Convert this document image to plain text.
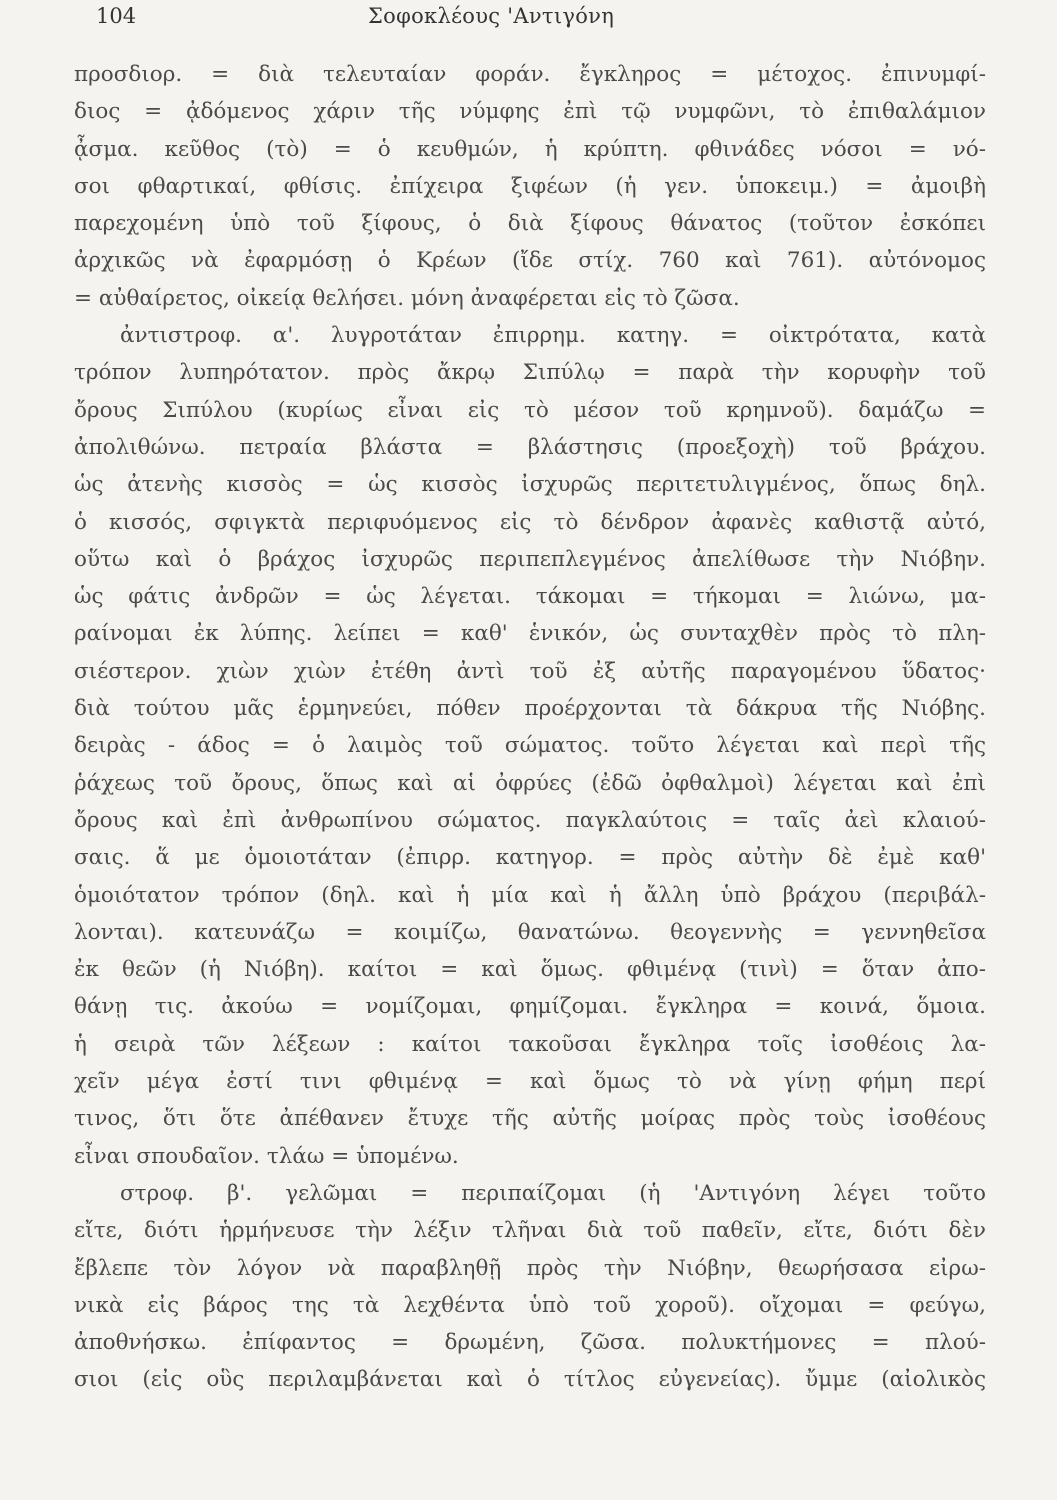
104	Σοφοκλέους 'Αντιγόνη
προσδιορ. = διὰ τελευταίαν φοράν. ἔγκληρος = μέτοχος. ἐπινυμφί-
διος = ᾀδόμενος χάριν τῆς νύμφης ἐπὶ τῷ νυμφῶνι, τὸ ἐπιθαλάμιον
ᾆσμα. κεῦθος (τὸ) = ὁ κευθμών, ἡ κρύπτη. φθινάδες νόσοι = νό-
σοι φθαρτικαί, φθίσις. ἐπίχειρα ξιφέων (ἡ γεν. ὑποκειμ.) = ἀμοιβὴ
παρεχομένη ὑπὸ τοῦ ξίφους, ὁ διὰ ξίφους θάνατος (τοῦτον ἐσκόπει
ἀρχικῶς νὰ ἐφαρμόσῃ ὁ Κρέων (ἴδε στίχ. 760 καὶ 761). αὐτόνομος
= αὐθαίρετος, οἰκείᾳ θελήσει. μόνη ἀναφέρεται εἰς τὸ ζῶσα.
ἀντιστροφ. α'. λυγροτάταν ἐπιρρημ. κατηγ. = οἰκτρότατα, κατὰ
τρόπον λυπηρότατον. πρὸς ἄκρῳ Σιπύλῳ = παρὰ τὴν κορυφὴν τοῦ
ὄρους Σιπύλου (κυρίως εἶναι εἰς τὸ μέσον τοῦ κρημνοῦ). δαμάζω =
ἀπολιθώνω. πετραία βλάστα = βλάστησις (προεξοχὴ) τοῦ βράχου.
ὡς ἀτενὴς κισσὸς = ὡς κισσὸς ἰσχυρῶς περιτετυλιγμένος, ὅπως δηλ.
ὁ κισσός, σφιγκτὰ περιφυόμενος εἰς τὸ δένδρον ἀφανὲς καθιστᾷ αὐτό,
οὕτω καὶ ὁ βράχος ἰσχυρῶς περιπεπλεγμένος ἀπελίθωσε τὴν Νιόβην.
ὡς φάτις ἀνδρῶν = ὡς λέγεται. τάκομαι = τήκομαι = λιώνω, μα-
ραίνομαι ἐκ λύπης. λείπει = καθ' ἑνικόν, ὡς συνταχθὲν πρὸς τὸ πλη-
σιέστερον. χιὼν χιὼν ἐτέθη ἀντὶ τοῦ ἐξ αὐτῆς παραγομένου ὕδατος·
διὰ τούτου μᾶς ἑρμηνεύει, πόθεν προέρχονται τὰ δάκρυα τῆς Νιόβης.
δειρὰς - άδος = ὁ λαιμὸς τοῦ σώματος. τοῦτο λέγεται καὶ περὶ τῆς
ῥάχεως τοῦ ὄρους, ὅπως καὶ αἱ ὀφρύες (ἐδῶ ὀφθαλμοὶ) λέγεται καὶ ἐπὶ
ὄρους καὶ ἐπὶ ἀνθρωπίνου σώματος. παγκλαύτοις = ταῖς ἀεὶ κλαιού-
σαις. ἅ με ὁμοιοτάταν (ἐπιρρ. κατηγορ. = πρὸς αὐτὴν δὲ ἐμὲ καθ'
ὁμοιότατον τρόπον (δηλ. καὶ ἡ μία καὶ ἡ ἄλλη ὑπὸ βράχου (περιβάλ-
λονται). κατευνάζω = κοιμίζω, θανατώνω. θεογεννὴς = γεννηθεῖσα
ἐκ θεῶν (ἡ Νιόβη). καίτοι = καὶ ὅμως. φθιμένᾳ (τινὶ) = ὅταν ἀπο-
θάνῃ τις. ἀκούω = νομίζομαι, φημίζομαι. ἔγκληρα = κοινά, ὅμοια.
ἡ σειρὰ τῶν λέξεων : καίτοι τακοῦσαι ἔγκληρα τοῖς ἰσοθέοις λα-
χεῖν μέγα ἐστί τινι φθιμένᾳ = καὶ ὅμως τὸ νὰ γίνῃ φήμη περί
τινος, ὅτι ὅτε ἀπέθανεν ἔτυχε τῆς αὐτῆς μοίρας πρὸς τοὺς ἰσοθέους
εἶναι σπουδαῖον. τλάω = ὑπομένω.
στροφ. β'. γελῶμαι = περιπαίζομαι (ἡ 'Αντιγόνη λέγει τοῦτο
εἴτε, διότι ἡρμήνευσε τὴν λέξιν τλῆναι διὰ τοῦ παθεῖν, εἴτε, διότι δὲν
ἔβλεπε τὸν λόγον νὰ παραβληθῇ πρὸς τὴν Νιόβην, θεωρήσασα εἰρω-
νικὰ εἰς βάρος της τὰ λεχθέντα ὑπὸ τοῦ χοροῦ). οἴχομαι = φεύγω,
ἀποθνήσκω. ἐπίφαντος = δρωμένη, ζῶσα. πολυκτήμονες = πλού-
σιοι (εἰς οὓς περιλαμβάνεται καὶ ὁ τίτλος εὐγενείας). ὔμμε (αἰολικὸς
